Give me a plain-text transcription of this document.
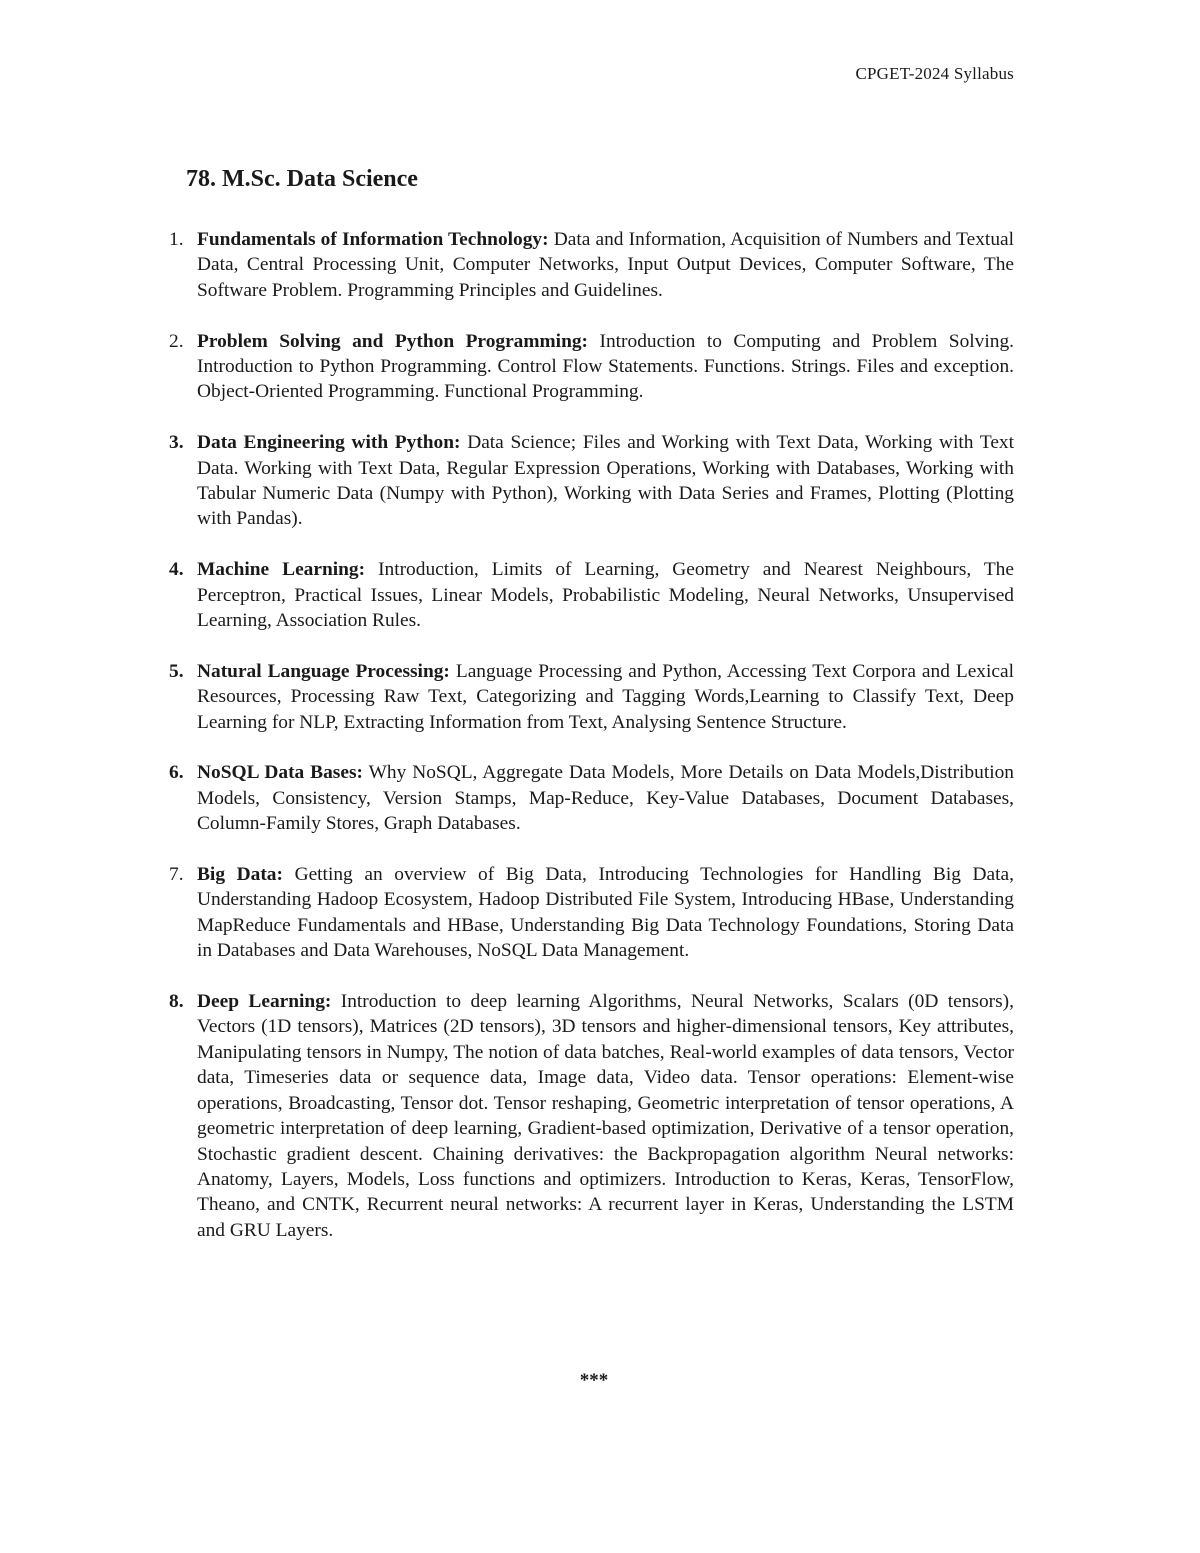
CPGET-2024 Syllabus
78. M.Sc. Data Science
1. Fundamentals of Information Technology: Data and Information, Acquisition of Numbers and Textual Data, Central Processing Unit, Computer Networks, Input Output Devices, Computer Software, The Software Problem. Programming Principles and Guidelines.
2. Problem Solving and Python Programming: Introduction to Computing and Problem Solving. Introduction to Python Programming. Control Flow Statements. Functions. Strings. Files and exception. Object-Oriented Programming. Functional Programming.
3. Data Engineering with Python: Data Science; Files and Working with Text Data, Working with Text Data. Working with Text Data, Regular Expression Operations, Working with Databases, Working with Tabular Numeric Data (Numpy with Python), Working with Data Series and Frames, Plotting (Plotting with Pandas).
4. Machine Learning: Introduction, Limits of Learning, Geometry and Nearest Neighbours, The Perceptron, Practical Issues, Linear Models, Probabilistic Modeling, Neural Networks, Unsupervised Learning, Association Rules.
5. Natural Language Processing: Language Processing and Python, Accessing Text Corpora and Lexical Resources, Processing Raw Text, Categorizing and Tagging Words,Learning to Classify Text, Deep Learning for NLP, Extracting Information from Text, Analysing Sentence Structure.
6. NoSQL Data Bases: Why NoSQL, Aggregate Data Models, More Details on Data Models,Distribution Models, Consistency, Version Stamps, Map-Reduce, Key-Value Databases, Document Databases, Column-Family Stores, Graph Databases.
7. Big Data: Getting an overview of Big Data, Introducing Technologies for Handling Big Data, Understanding Hadoop Ecosystem, Hadoop Distributed File System, Introducing HBase, Understanding MapReduce Fundamentals and HBase, Understanding Big Data Technology Foundations, Storing Data in Databases and Data Warehouses, NoSQL Data Management.
8. Deep Learning: Introduction to deep learning Algorithms, Neural Networks, Scalars (0D tensors), Vectors (1D tensors), Matrices (2D tensors), 3D tensors and higher-dimensional tensors, Key attributes, Manipulating tensors in Numpy, The notion of data batches, Real-world examples of data tensors, Vector data, Timeseries data or sequence data, Image data, Video data. Tensor operations: Element-wise operations, Broadcasting, Tensor dot. Tensor reshaping, Geometric interpretation of tensor operations, A geometric interpretation of deep learning, Gradient-based optimization, Derivative of a tensor operation, Stochastic gradient descent. Chaining derivatives: the Backpropagation algorithm Neural networks: Anatomy, Layers, Models, Loss functions and optimizers. Introduction to Keras, Keras, TensorFlow, Theano, and CNTK, Recurrent neural networks: A recurrent layer in Keras, Understanding the LSTM and GRU Layers.
***
